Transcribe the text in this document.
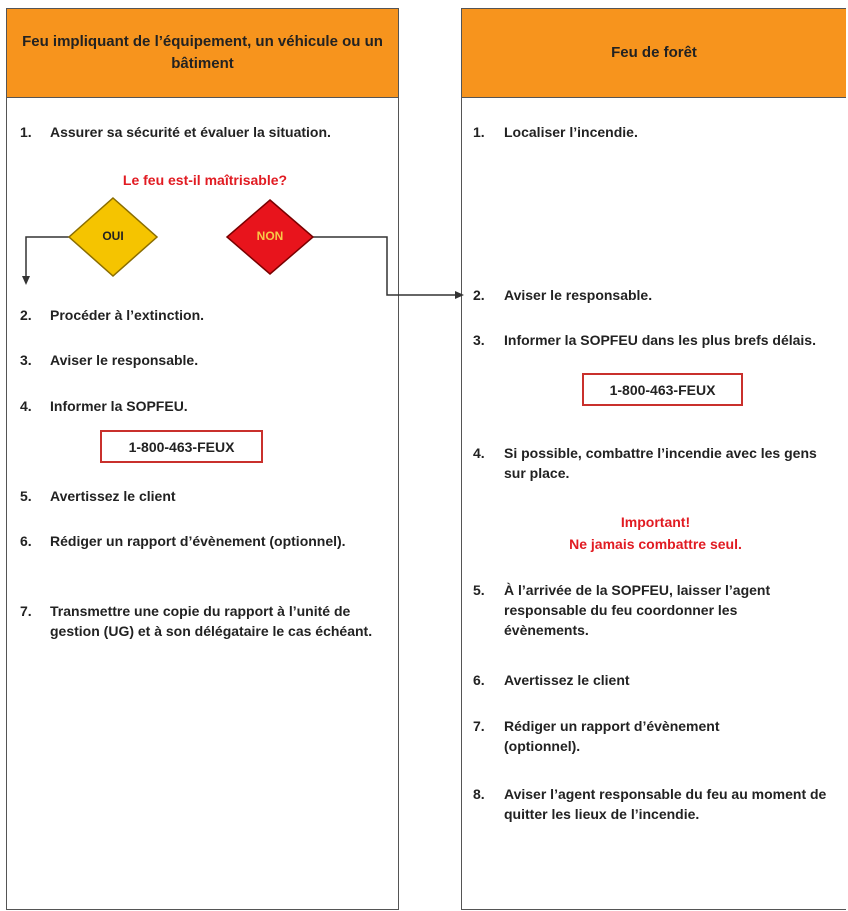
Feu impliquant de l’équipement, un véhicule ou un bâtiment
Feu de forêt
OUI	NON
1.	Assurer sa sécurité et évaluer la situation.
Le feu est-il maîtrisable?
2.	Procéder à l’extinction.
3.	Aviser le responsable.
4.	Informer la SOPFEU.
1-800-463-FEUX
5.	Avertissez le client
6.	Rédiger un rapport d’évènement (optionnel).
7.	Transmettre une copie du rapport à l’unité de gestion (UG) et à son délégataire le cas échéant.
1.	Localiser l’incendie.
2.	Aviser le responsable.
3.	Informer la SOPFEU dans les plus brefs délais.
1-800-463-FEUX
4.	Si possible, combattre l’incendie avec les gens sur place.
Important!
Ne jamais combattre seul.
5.	À l’arrivée de la SOPFEU, laisser l’agent responsable du feu coordonner les évènements.
6.	Avertissez le client
7.	Rédiger un rapport d’évènement (optionnel).
8.	Aviser l’agent responsable du feu au moment de quitter les lieux de l’incendie.
